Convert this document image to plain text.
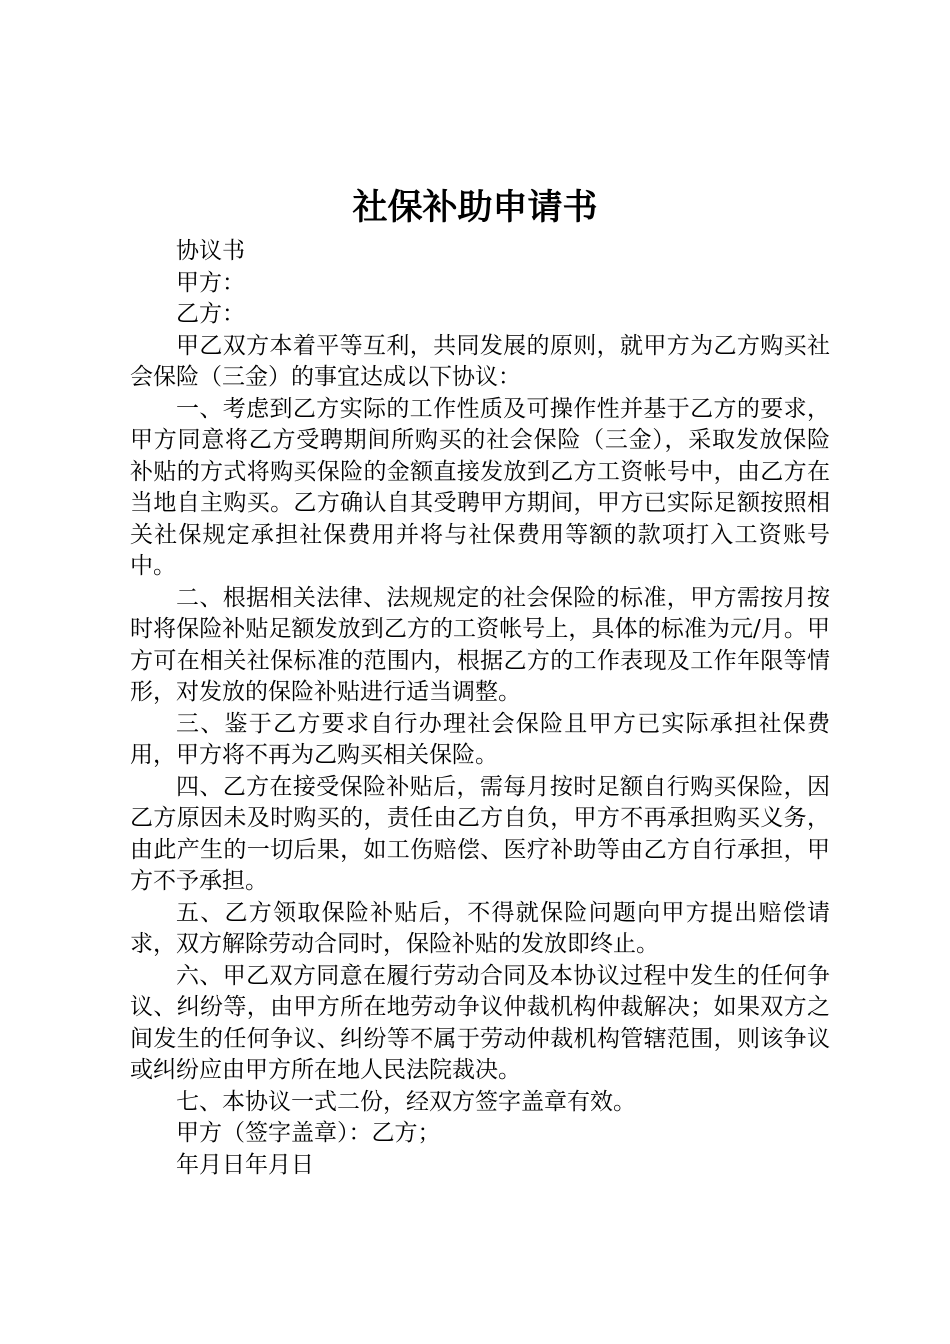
社保补助申请书

协议书

甲方：

乙方：

甲乙双方本着平等互利，共同发展的原则，就甲方为乙方购买社会保险（三金）的事宜达成以下协议：

一、考虑到乙方实际的工作性质及可操作性并基于乙方的要求，甲方同意将乙方受聘期间所购买的社会保险（三金），采取发放保险补贴的方式将购买保险的金额直接发放到乙方工资帐号中，由乙方在当地自主购买。乙方确认自其受聘甲方期间，甲方已实际足额按照相关社保规定承担社保费用并将与社保费用等额的款项打入工资账号中。

二、根据相关法律、法规规定的社会保险的标准，甲方需按月按时将保险补贴足额发放到乙方的工资帐号上，具体的标准为元/月。甲方可在相关社保标准的范围内，根据乙方的工作表现及工作年限等情形，对发放的保险补贴进行适当调整。

三、鉴于乙方要求自行办理社会保险且甲方已实际承担社保费用，甲方将不再为乙购买相关保险。

四、乙方在接受保险补贴后，需每月按时足额自行购买保险，因乙方原因未及时购买的，责任由乙方自负，甲方不再承担购买义务，由此产生的一切后果，如工伤赔偿、医疗补助等由乙方自行承担，甲方不予承担。

五、乙方领取保险补贴后，不得就保险问题向甲方提出赔偿请求，双方解除劳动合同时，保险补贴的发放即终止。

六、甲乙双方同意在履行劳动合同及本协议过程中发生的任何争议、纠纷等，由甲方所在地劳动争议仲裁机构仲裁解决；如果双方之间发生的任何争议、纠纷等不属于劳动仲裁机构管辖范围，则该争议或纠纷应由甲方所在地人民法院裁决。

七、本协议一式二份，经双方签字盖章有效。

甲方（签字盖章）：乙方；

年月日年月日
